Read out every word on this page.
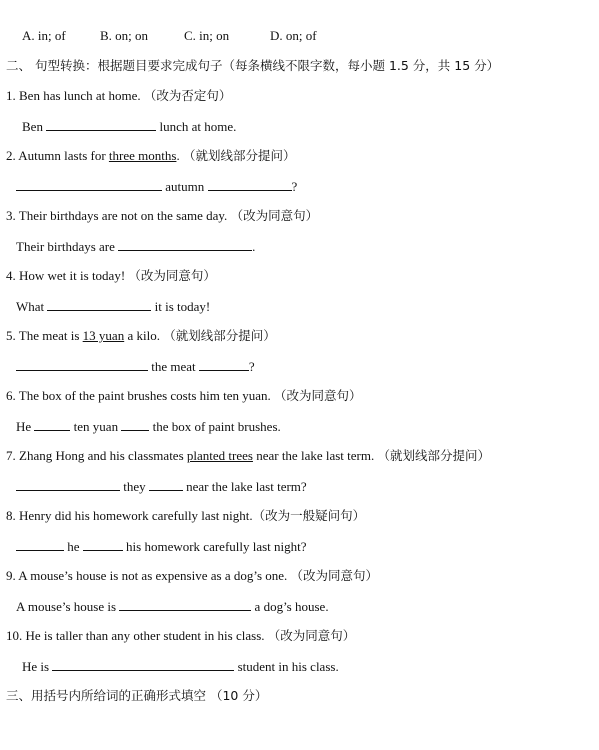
A. in; of	B. on; on	C. in; on	D. on; of
二、 句型转换：根据题目要求完成句子（每条横线不限字数，每小题 1.5 分，共 15 分）
1. Ben has lunch at home. （改为否定句）
Ben	lunch at home.
2. Autumn lasts for three months. （就划线部分提问）
autumn	?
3. Their birthdays are not on the same day. （改为同意句）
Their birthdays are	.
4. How wet it is today! （改为同意句）
What	it is today!
5. The meat is 13 yuan a kilo. （就划线部分提问）
the meat	?
6. The box of the paint brushes costs him ten yuan. （改为同意句）
He	ten yuan	the box of paint brushes.
7. Zhang Hong and his classmates planted trees near the lake last term. （就划线部分提问）
they	near the lake last term?
8. Henry did his homework carefully last night.（改为一般疑问句）
he	his homework carefully last night?
9. A mouse’s house is not as expensive as a dog’s one. （改为同意句）
A mouse’s house is	a dog’s house.
10. He is taller than any other student in his class. （改为同意句）
He is	student in his class.
三、用括号内所给词的正确形式填空 （10 分）
